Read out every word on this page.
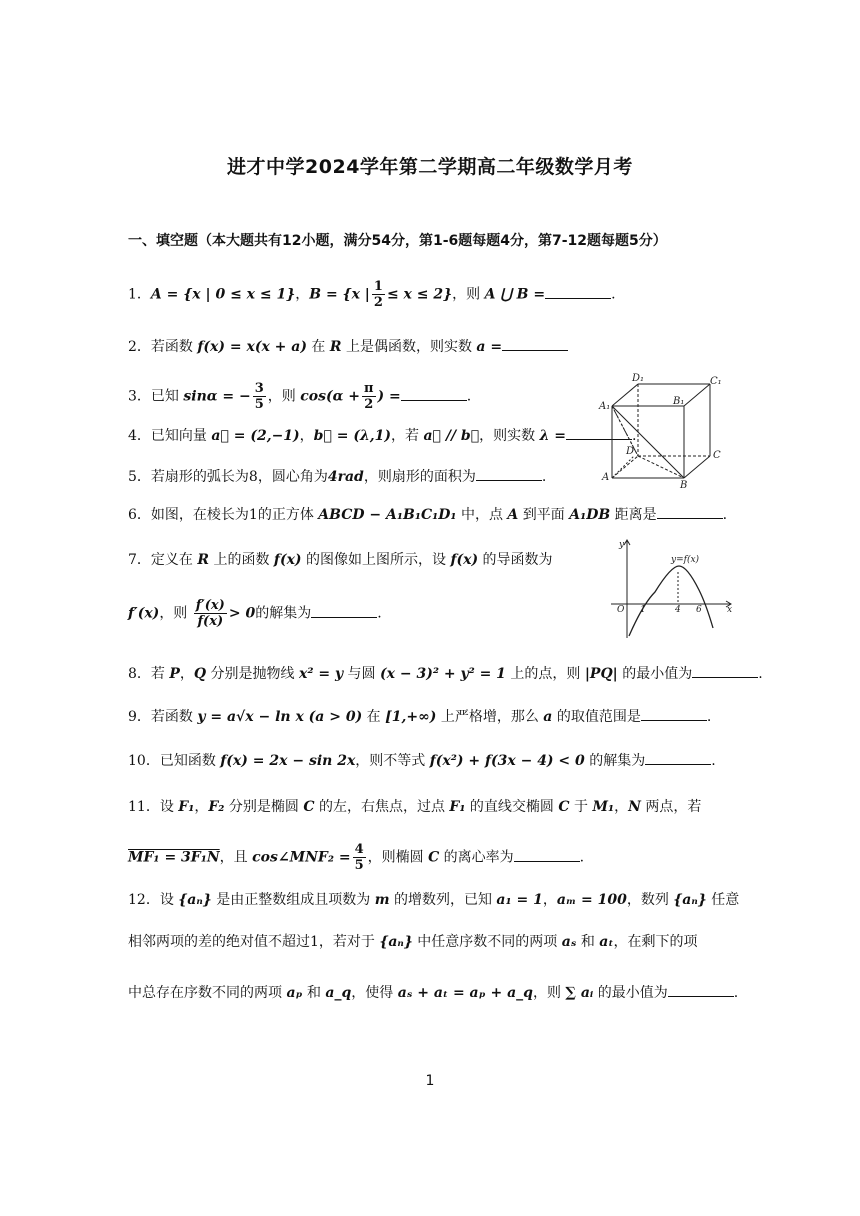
进才中学2024学年第二学期高二年级数学月考
一、填空题（本大题共有12小题，满分54分，第1-6题每题4分，第7-12题每题5分）
1．A = {x | 0 ≤ x ≤ 1}，B = {x | $\frac{1}{2} \le x \le 2$}，则 A ⋃ B =	.
2．若函数 f(x) = x(x + a) 在 R 上是偶函数，则实数 a =
3．已知 sinα = − $\frac{3}{5}$ ，则 $\cos(\alpha + \frac{\pi}{2}$ ) =	.
4．已知向量 a⃗ = (2,−1)，b⃗ = (λ,1)，若 a⃗ // b⃗，则实数 λ =	.
5．若扇形的弧长为8，圆心角为4rad，则扇形的面积为	.
6．如图，在棱长为1的正方体 ABCD − A₁B₁C₁D₁ 中，点 A 到平面 A₁DB 距离是	.
7．定义在 R 上的函数 f(x) 的图像如上图所示，设 f(x) 的导函数为
f′(x)，则 $\frac{f'(x)}{f(x)} > 0$的解集为	.
8．若 P，Q 分别是抛物线 x² = y 与圆 (x − 3)² + y² = 1 上的点，则 |PQ| 的最小值为	.
9．若函数 y = a√x − ln x (a > 0) 在 [1,+∞) 上严格增，那么 a 的取值范围是	.
10．已知函数 f(x) = 2x − sin 2x，则不等式 f(x²) + f(3x − 4) < 0 的解集为	.
11．设 F₁，F₂ 分别是椭圆 C 的左，右焦点，过点 F₁ 的直线交椭圆 C 于 M₁，N 两点，若
MF₁ = 3F₁N，且 cos∠MNF₂ = $\frac{4}{5}$ ，则椭圆 C 的离心率为	.
12．设 {aₙ} 是由正整数组成且项数为 m 的增数列，已知 a₁ = 1，aₘ = 100，数列 {aₙ} 任意
相邻两项的差的绝对值不超过1，若对于 {aₙ} 中任意序数不同的两项 aₛ 和 aₜ，在剩下的项
中总存在序数不同的两项 aₚ 和 a_q，使得 aₛ + aₜ = aₚ + a_q，则 ∑ aᵢ 的最小值为	.
D₁	C₁
A₁	B₁
D	C
A
B
y
y=f(x)
O 1	4 6	x
1
